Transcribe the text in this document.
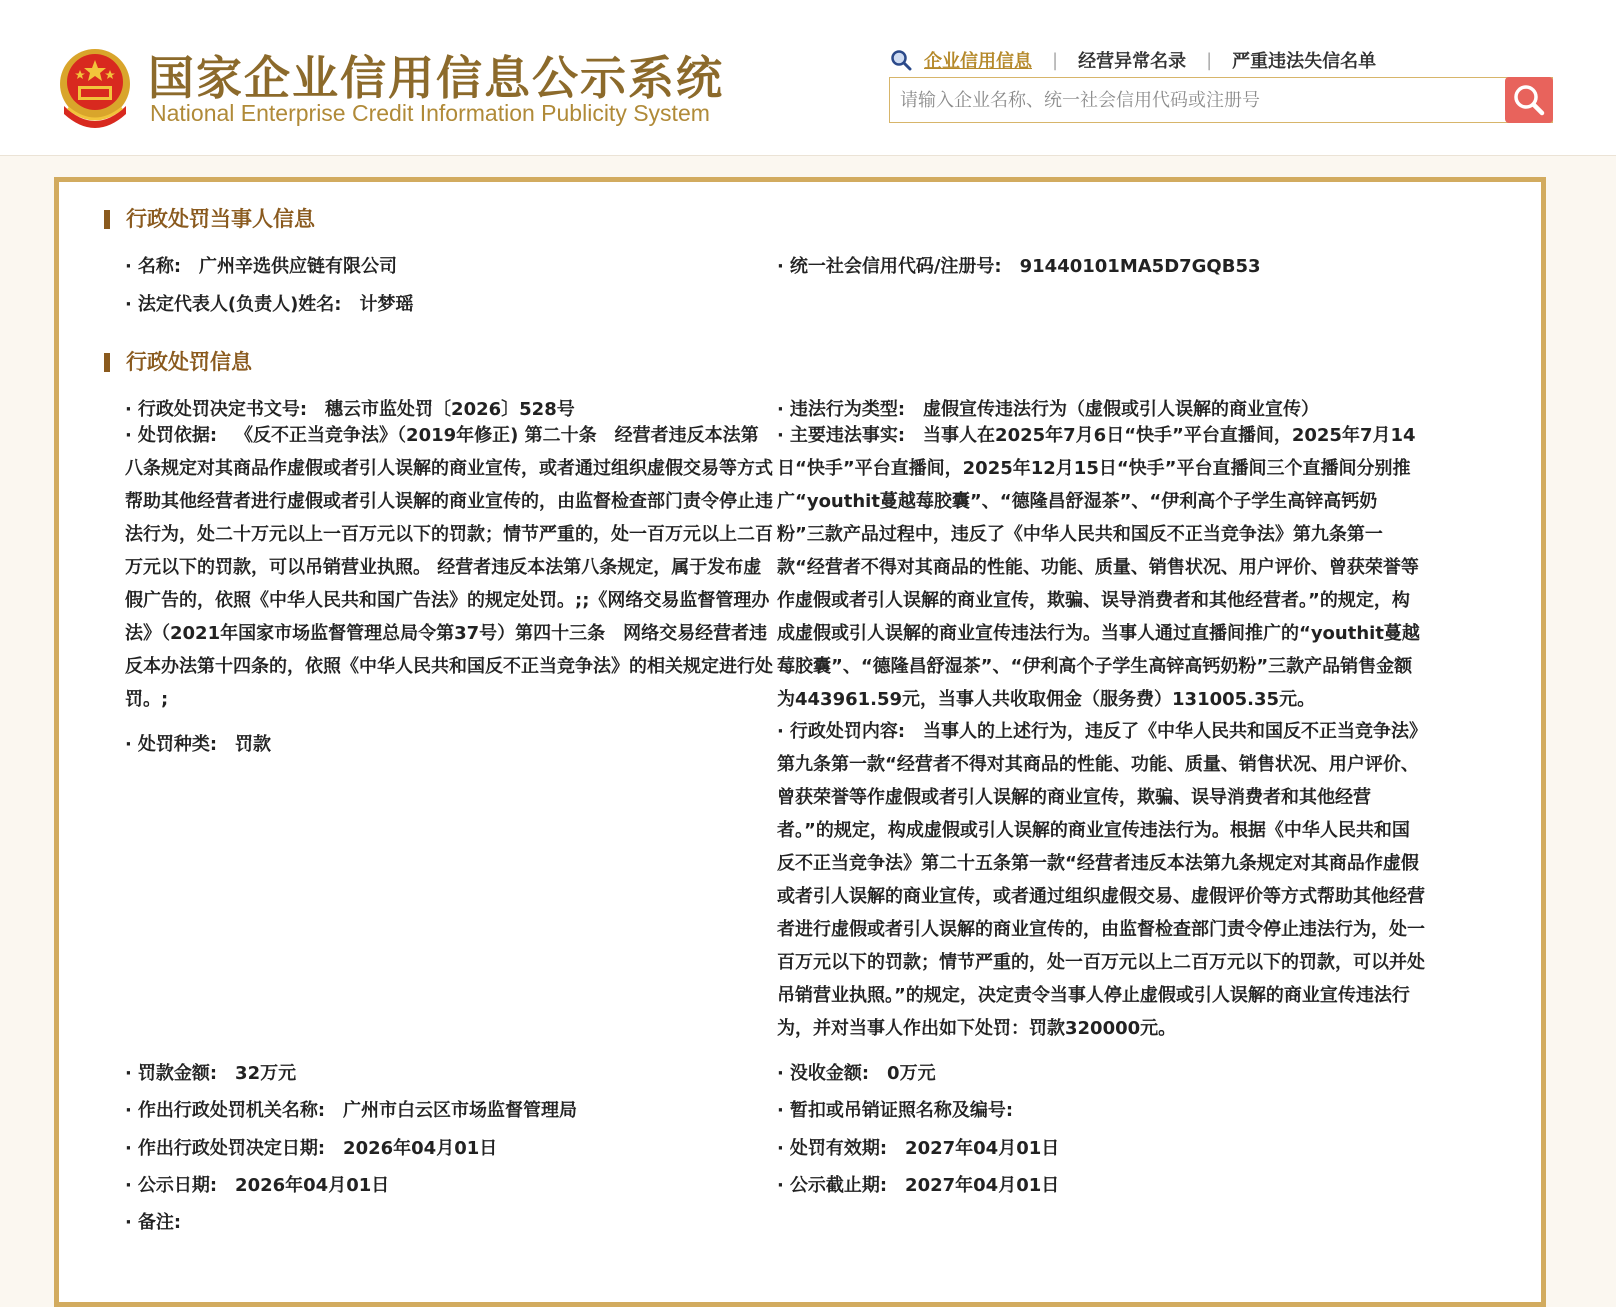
国家企业信用信息公示系统
National Enterprise Credit Information Publicity System
企业信用信息 | 经营异常名录 | 严重违法失信名单
请输入企业名称、统一社会信用代码或注册号
行政处罚当事人信息
· 名称: 广州辛选供应链有限公司	· 统一社会信用代码/注册号: 91440101MA5D7GQB53
· 法定代表人(负责人)姓名: 计梦瑶
行政处罚信息
· 行政处罚决定书文号: 穗云市监处罚〔2026〕528号	· 违法行为类型: 虚假宣传违法行为（虚假或引人误解的商业宣传）
· 处罚依据: 《反不正当竞争法》（2019年修正) 第二十条　经营者违反本法第八条规定对其商品作虚假或者引人误解的商业宣传，或者通过组织虚假交易等方式帮助其他经营者进行虚假或者引人误解的商业宣传的，由监督检查部门责令停止违法行为，处二十万元以上一百万元以下的罚款；情节严重的，处一百万元以上二百万元以下的罚款，可以吊销营业执照。 经营者违反本法第八条规定，属于发布虚假广告的，依照《中华人民共和国广告法》的规定处罚。;;《网络交易监督管理办法》（2021年国家市场监督管理总局令第37号）第四十三条　网络交易经营者违反本办法第十四条的，依照《中华人民共和国反不正当竞争法》的相关规定进行处罚。;
· 主要违法事实: 当事人在2025年7月6日“快手”平台直播间，2025年7月14日“快手”平台直播间，2025年12月15日“快手”平台直播间三个直播间分别推广“youthit蔓越莓胶囊”、“德隆昌舒湿茶”、“伊利高个子学生高锌高钙奶粉”三款产品过程中，违反了《中华人民共和国反不正当竞争法》第九条第一款“经营者不得对其商品的性能、功能、质量、销售状况、用户评价、曾获荣誉等作虚假或者引人误解的商业宣传，欺骗、误导消费者和其他经营者。”的规定，构成虚假或引人误解的商业宣传违法行为。当事人通过直播间推广的“youthit蔓越莓胶囊”、“德隆昌舒湿茶”、“伊利高个子学生高锌高钙奶粉”三款产品销售金额为443961.59元，当事人共收取佣金（服务费）131005.35元。
· 处罚种类: 罚款
· 行政处罚内容: 当事人的上述行为，违反了《中华人民共和国反不正当竞争法》第九条第一款“经营者不得对其商品的性能、功能、质量、销售状况、用户评价、曾获荣誉等作虚假或者引人误解的商业宣传，欺骗、误导消费者和其他经营者。”的规定，构成虚假或引人误解的商业宣传违法行为。根据《中华人民共和国反不正当竞争法》第二十五条第一款“经营者违反本法第九条规定对其商品作虚假或者引人误解的商业宣传，或者通过组织虚假交易、虚假评价等方式帮助其他经营者进行虚假或者引人误解的商业宣传的，由监督检查部门责令停止违法行为，处一百万元以下的罚款；情节严重的，处一百万元以上二百万元以下的罚款，可以并处吊销营业执照。”的规定，决定责令当事人停止虚假或引人误解的商业宣传违法行为，并对当事人作出如下处罚：罚款320000元。
· 罚款金额: 32万元	· 没收金额: 0万元
· 作出行政处罚机关名称: 广州市白云区市场监督管理局	· 暂扣或吊销证照名称及编号:
· 作出行政处罚决定日期: 2026年04月01日	· 处罚有效期: 2027年04月01日
· 公示日期: 2026年04月01日	· 公示截止期: 2027年04月01日
· 备注:
